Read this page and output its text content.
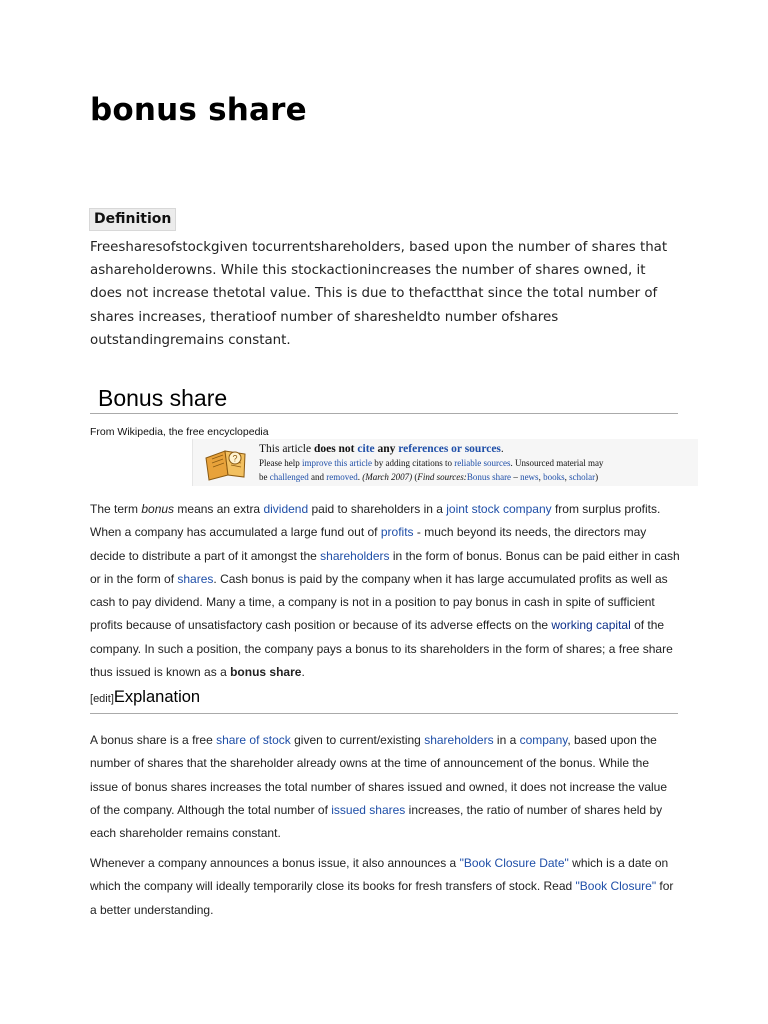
bonus share
Definition

Freesharesofstockgiven tocurrentshareholders, based upon the number of shares that ashareholderowns. While this stockactionincreases the number of shares owned, it does not increase thetotal value. This is due to thefactthat since the total number of shares increases, theratioof number of sharesheldto number ofshares outstandingremains constant.

Bonus share
From Wikipedia, the free encyclopedia
?
This article does not cite any references or sources.
Please help improve this article by adding citations to reliable sources. Unsourced material may
be challenged and removed. (March 2007) (Find sources:Bonus share – news, books, scholar)

The term bonus means an extra dividend paid to shareholders in a joint stock company from surplus profits. When a company has accumulated a large fund out of profits - much beyond its needs, the directors may decide to distribute a part of it amongst the shareholders in the form of bonus. Bonus can be paid either in cash or in the form of shares. Cash bonus is paid by the company when it has large accumulated profits as well as cash to pay dividend. Many a time, a company is not in a position to pay bonus in cash in spite of sufficient profits because of unsatisfactory cash position or because of its adverse effects on the working capital of the company. In such a position, the company pays a bonus to its shareholders in the form of shares; a free share thus issued is known as a bonus share.

[edit]Explanation

A bonus share is a free share of stock given to current/existing shareholders in a company, based upon the number of shares that the shareholder already owns at the time of announcement of the bonus. While the issue of bonus shares increases the total number of shares issued and owned, it does not increase the value of the company. Although the total number of issued shares increases, the ratio of number of shares held by each shareholder remains constant.

Whenever a company announces a bonus issue, it also announces a "Book Closure Date" which is a date on which the company will ideally temporarily close its books for fresh transfers of stock. Read "Book Closure" for a better understanding.
